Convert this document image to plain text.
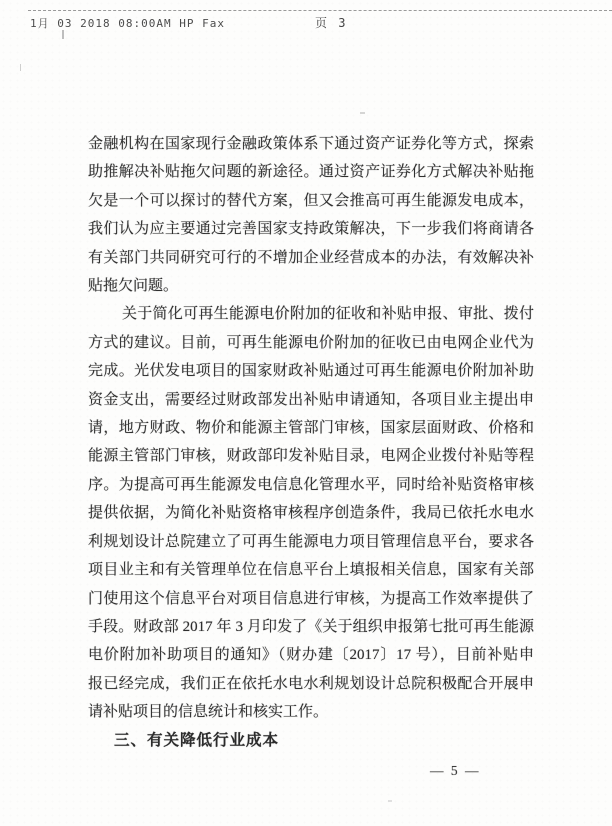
1月 03 2018 08:00AM HP Fax	页 3
金融机构在国家现行金融政策体系下通过资产证券化等方式，探索
助推解决补贴拖欠问题的新途径。通过资产证券化方式解决补贴拖
欠是一个可以探讨的替代方案，但又会推高可再生能源发电成本，
我们认为应主要通过完善国家支持政策解决，下一步我们将商请各
有关部门共同研究可行的不增加企业经营成本的办法，有效解决补
贴拖欠问题。
关于简化可再生能源电价附加的征收和补贴申报、审批、拨付
方式的建议。目前，可再生能源电价附加的征收已由电网企业代为
完成。光伏发电项目的国家财政补贴通过可再生能源电价附加补助
资金支出，需要经过财政部发出补贴申请通知，各项目业主提出申
请，地方财政、物价和能源主管部门审核，国家层面财政、价格和
能源主管部门审核，财政部印发补贴目录，电网企业拨付补贴等程
序。为提高可再生能源发电信息化管理水平，同时给补贴资格审核
提供依据，为简化补贴资格审核程序创造条件，我局已依托水电水
利规划设计总院建立了可再生能源电力项目管理信息平台，要求各
项目业主和有关管理单位在信息平台上填报相关信息，国家有关部
门使用这个信息平台对项目信息进行审核，为提高工作效率提供了
手段。财政部 2017 年 3 月印发了《关于组织申报第七批可再生能源
电价附加补助项目的通知》（财办建〔2017〕17 号），目前补贴申
报已经完成，我们正在依托水电水利规划设计总院积极配合开展申
请补贴项目的信息统计和核实工作。
三、有关降低行业成本
— 5 —
